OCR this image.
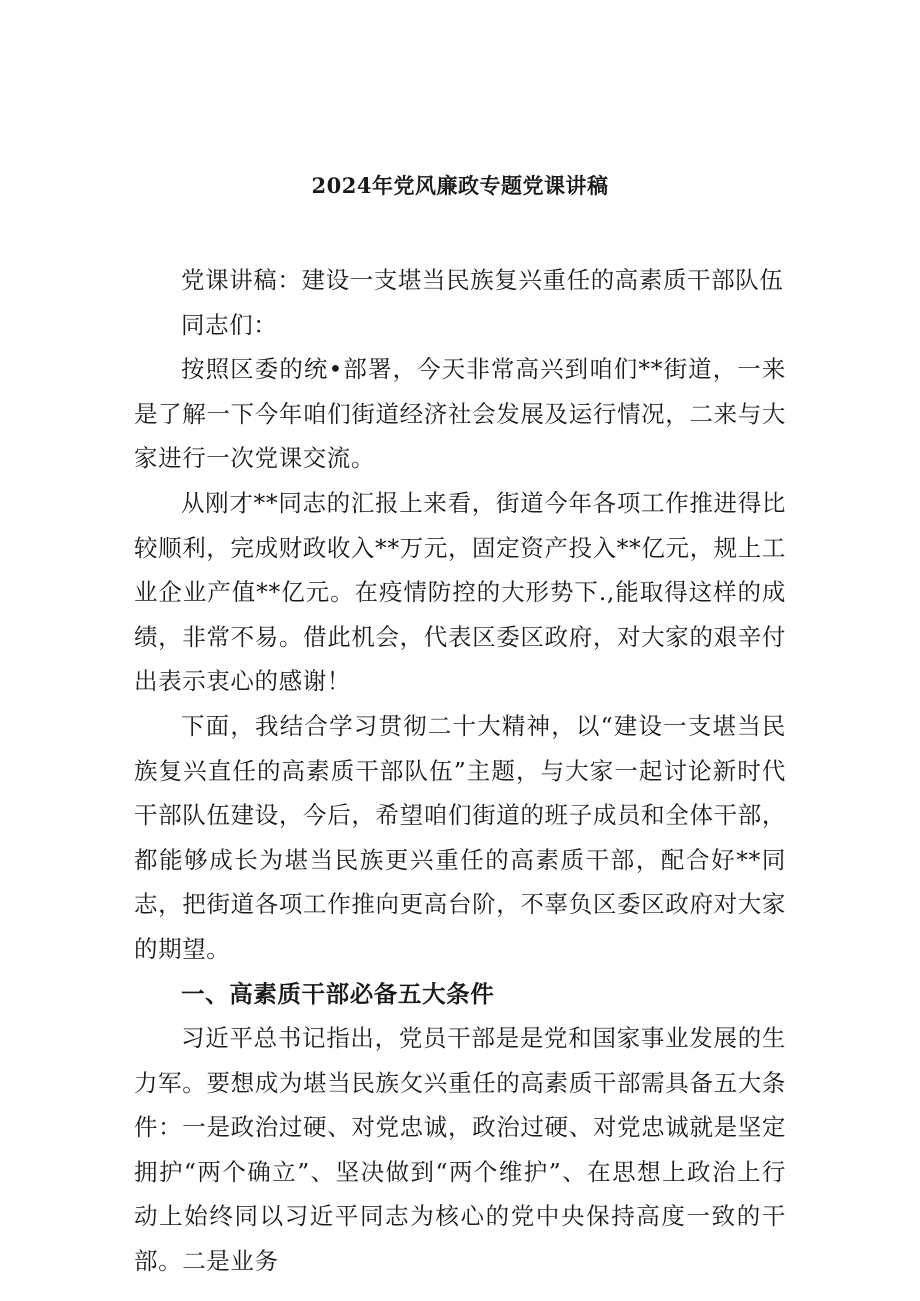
2024年党风廉政专题党课讲稿

党课讲稿：建设一支堪当民族复兴重任的高素质干部队伍

同志们：

按照区委的统•部署，今天非常高兴到咱们**街道，一来是了解一下今年咱们街道经济社会发展及运行情况，二来与大家进行一次党课交流。

从刚才**同志的汇报上来看，街道今年各项工作推进得比较顺利，完成财政收入**万元，固定资产投入**亿元，规上工业企业产值**亿元。在疫情防控的大形势下.,能取得这样的成绩，非常不易。借此机会，代表区委区政府，对大家的艰辛付出表示衷心的感谢！

下面，我结合学习贯彻二十大精神，以“建设一支堪当民族复兴直任的高素质干部队伍”主题，与大家一起讨论新时代干部队伍建设，今后，希望咱们街道的班子成员和全体干部，都能够成长为堪当民族更兴重任的高素质干部，配合好**同志，把街道各项工作推向更高台阶，不辜负区委区政府对大家的期望。

一、高素质干部必备五大条件

习近平总书记指出，党员干部是是党和国家事业发展的生力军。要想成为堪当民族攵兴重任的高素质干部需具备五大条件：一是政治过硬、对党忠诚，政治过硬、对党忠诚就是坚定拥护“两个确立”、坚决做到“两个维护”、在思想上政治上行动上始终同以习近平同志为核心的党中央保持高度一致的干部。二是业务
